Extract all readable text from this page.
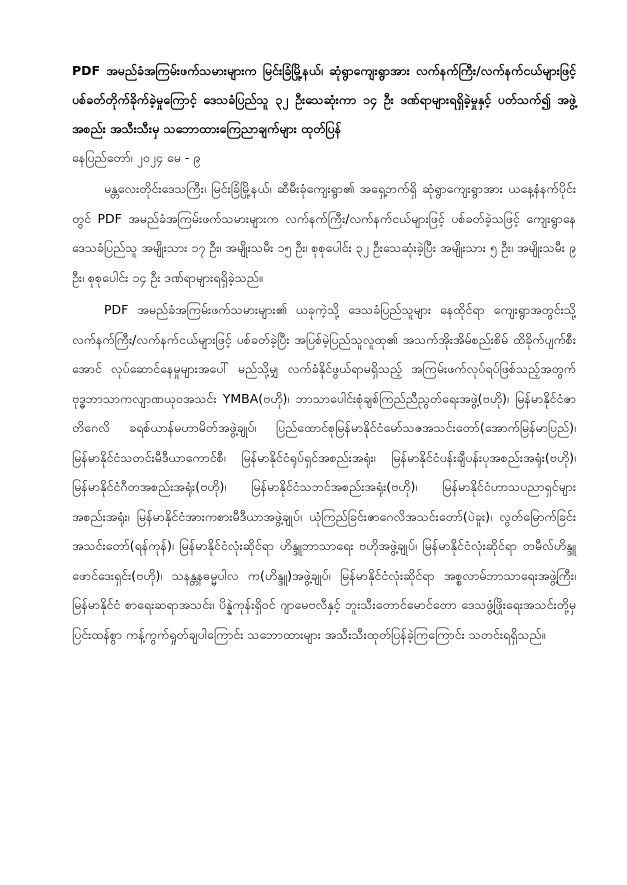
PDF အမည်ခံအကြမ်းဖက်သမားများက မြင်းခြံမြို့နယ်၊ ဆုံရွာကျေးရွာအား လက်နက်ကြီး/လက်နက်ငယ်များဖြင့် ပစ်ခတ်တိုက်ခိုက်ခဲ့မှုကြောင့် ဒေသခံပြည်သူ ၃၂ ဦးသေဆုံးကာ ၁၄ ဦး ဒဏ်ရာများရရှိခဲ့မှုနှင့် ပတ်သက်၍ အဖွဲ့အစည်း အသီးသီးမှ သဘောထားကြေညာချက်များ ထုတ်ပြန်

နေပြည်တော်၊ ၂၀၂၄ မေ - ၉

မန္တလေးတိုင်းဒေသကြီး၊ မြင်းခြံမြို့နယ်၊ ဆီမီးခုံကျေးရွာ၏ အရှေ့ဘက်ရှိ ဆုံရွာကျေးရွာအား ယနေ့နံနက်ပိုင်းတွင် PDF အမည်ခံအကြမ်းဖက်သမားများက လက်နက်ကြီး/လက်နက်ငယ်များဖြင့် ပစ်ခတ်ခဲ့သဖြင့် ကျေးရွာနေ ဒေသခံပြည်သူ အမျိုးသား ၁၇ ဦး၊ အမျိုးသမီး ၁၅ ဦး၊ စုစုပေါင်း ၃၂ ဦးသေဆုံးခဲ့ပြီး အမျိုးသား ၅ ဦး၊ အမျိုးသမီး ၉ ဦး၊ စုစုပေါင်း ၁၄ ဦး ဒဏ်ရာများရရှိခဲ့သည်။

PDF အမည်ခံအကြမ်းဖက်သမားများ၏ ယခုကဲ့သို့ ဒေသခံပြည်သူများ နေထိုင်ရာ ကျေးရွာအတွင်းသို့ လက်နက်ကြီး/လက်နက်ငယ်များဖြင့် ပစ်ခတ်ခဲ့ပြီး အပြစ်မဲ့ပြည်သူလူထု၏ အသက်အိုးအိမ်စည်းစိမ် ထိခိုက်ပျက်စီးအောင် လုပ်ဆောင်နေမှုများအပေါ် မည်သို့မျှ လက်ခံနိုင်ဖွယ်ရာမရှိသည့် အကြမ်းဖက်လုပ်ရပ်ဖြစ်သည့်အတွက် ဗုဒ္ဓဘာသာကလျာဏယုဝအသင်း YMBA(ဗဟို)၊ ဘာသာပေါင်းစုံချစ်ကြည်ညီညွတ်ရေးအဖွဲ့(ဗဟို)၊ မြန်မာနိုင်ငံဇာတိဂေလိ ခရစ်ယာန်မဟာမိတ်အဖွဲ့ချုပ်၊ ပြည်ထောင်စုမြန်မာနိုင်ငံမော်သဇအသင်းတော်(အောက်မြန်မာပြည်)၊ မြန်မာနိုင်ငံသတင်းမီဒီယာကောင်စီ၊ မြန်မာနိုင်ငံရုပ်ရှင်အစည်းအရုံး၊ မြန်မာနိုင်ငံပန်းချီပန်းပုအစည်းအရုံး(ဗဟို)၊ မြန်မာနိုင်ငံဂီတအစည်းအရုံး(ဗဟို)၊ မြန်မာနိုင်ငံသဘင်အစည်းအရုံး(ဗဟို)၊ မြန်မာနိုင်ငံဟာသပညာရှင်များအစည်းအရုံး၊ မြန်မာနိုင်ငံအားကစားမီဒီယာအဖွဲ့ချုပ်၊ ယုံကြည်ခြင်းဇာဂေလိအသင်းတော်(ပဲခူး)၊ လွတ်မြောက်ခြင်းအသင်းတော်(ရန်ကုန်)၊ မြန်မာနိုင်ငံလုံးဆိုင်ရာ ဟိန္ဒူဘာသာရေး ဗဟိုအဖွဲ့ချုပ်၊ မြန်မာနိုင်ငံလုံးဆိုင်ရာ တမီလ်ဟိန္ဒူဖောင်ဒေးရှင်း(ဗဟို)၊ သနန္တနဓမ္မပါလ က(ဟိန္ဒူ)အဖွဲ့ချုပ်၊ မြန်မာနိုင်ငံလုံးဆိုင်ရာ အစ္စလာမ်ဘာသာရေးအဖွဲ့ကြီး၊ မြန်မာနိုင်ငံ စာရေးဆရာအသင်း၊ ပိန္နဲကုန်းရှိဝင် ဂျာမေဗလီနှင့် ဘူးသီးတောင်မောင်တော ဒေသဖွံ့ဖြိုးရေးအသင်းတို့မှ ပြင်းထန်စွာ ကန့်ကွက်ရှုတ်ချပါကြောင်း သဘောထားများ အသီးသီးထုတ်ပြန်ခဲ့ကြကြောင်း သတင်းရရှိသည်။
